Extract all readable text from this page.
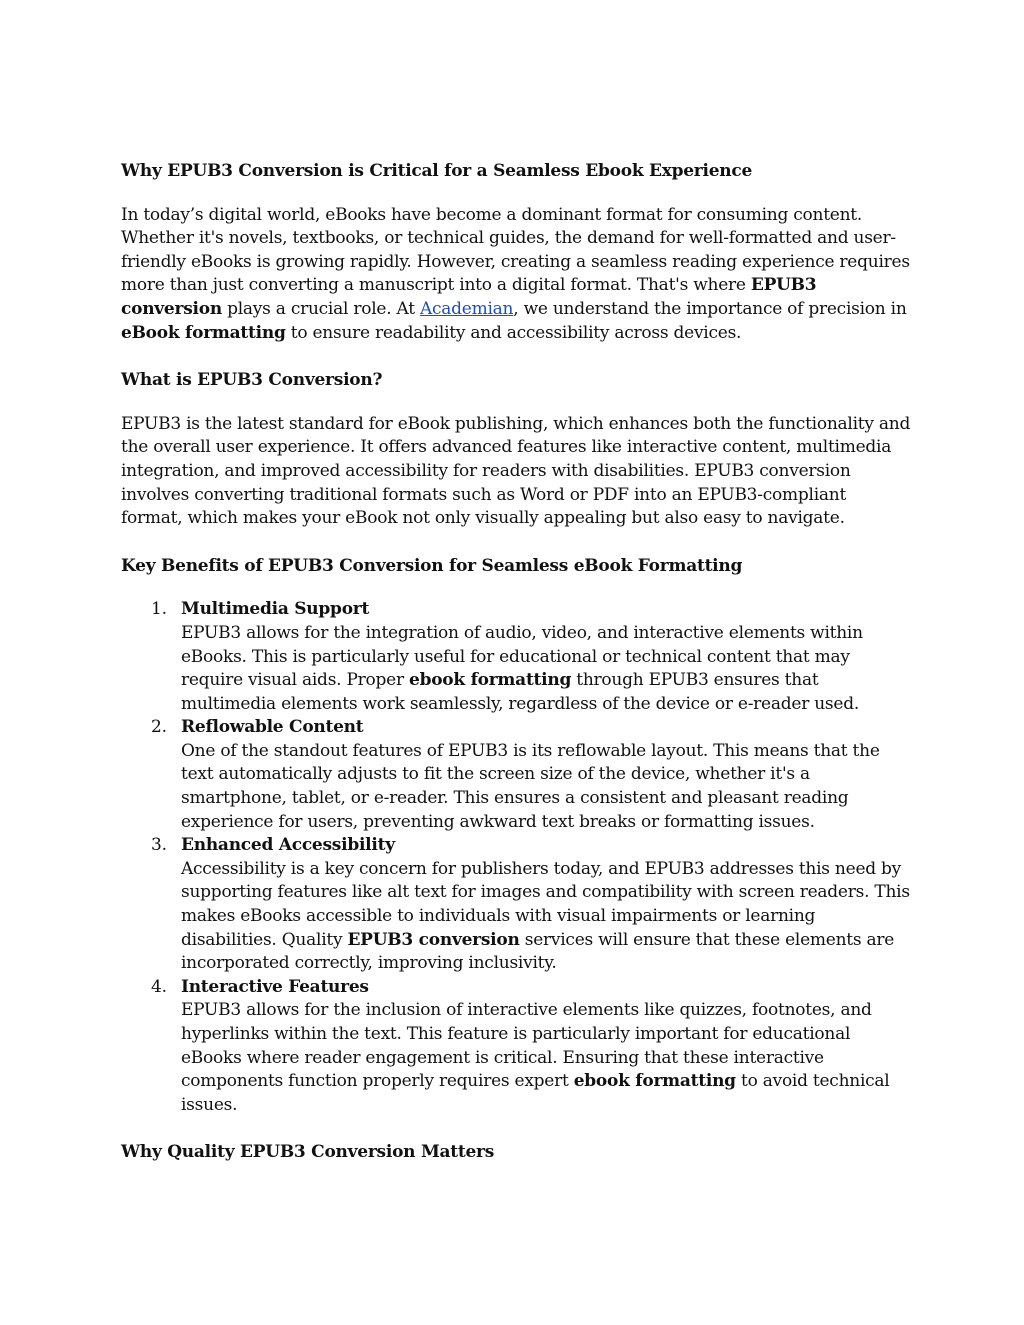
Why EPUB3 Conversion is Critical for a Seamless Ebook Experience

In today’s digital world, eBooks have become a dominant format for consuming content. Whether it's novels, textbooks, or technical guides, the demand for well-formatted and user-friendly eBooks is growing rapidly. However, creating a seamless reading experience requires more than just converting a manuscript into a digital format. That's where EPUB3 conversion plays a crucial role. At Academian, we understand the importance of precision in eBook formatting to ensure readability and accessibility across devices.

What is EPUB3 Conversion?

EPUB3 is the latest standard for eBook publishing, which enhances both the functionality and the overall user experience. It offers advanced features like interactive content, multimedia integration, and improved accessibility for readers with disabilities. EPUB3 conversion involves converting traditional formats such as Word or PDF into an EPUB3-compliant format, which makes your eBook not only visually appealing but also easy to navigate.

Key Benefits of EPUB3 Conversion for Seamless eBook Formatting
1. Multimedia Support
EPUB3 allows for the integration of audio, video, and interactive elements within eBooks. This is particularly useful for educational or technical content that may require visual aids. Proper ebook formatting through EPUB3 ensures that multimedia elements work seamlessly, regardless of the device or e-reader used.
2. Reflowable Content
One of the standout features of EPUB3 is its reflowable layout. This means that the text automatically adjusts to fit the screen size of the device, whether it's a smartphone, tablet, or e-reader. This ensures a consistent and pleasant reading experience for users, preventing awkward text breaks or formatting issues.
3. Enhanced Accessibility
Accessibility is a key concern for publishers today, and EPUB3 addresses this need by supporting features like alt text for images and compatibility with screen readers. This makes eBooks accessible to individuals with visual impairments or learning disabilities. Quality EPUB3 conversion services will ensure that these elements are incorporated correctly, improving inclusivity.
4. Interactive Features
EPUB3 allows for the inclusion of interactive elements like quizzes, footnotes, and hyperlinks within the text. This feature is particularly important for educational eBooks where reader engagement is critical. Ensuring that these interactive components function properly requires expert ebook formatting to avoid technical issues.
Why Quality EPUB3 Conversion Matters
